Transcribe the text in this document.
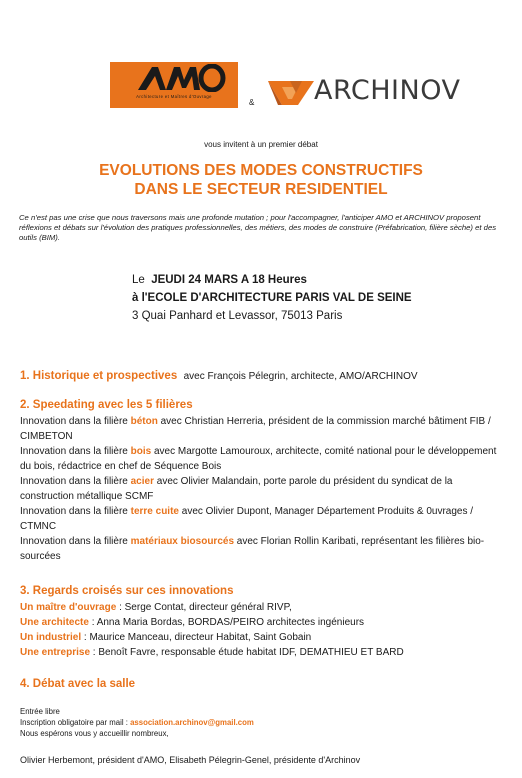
AMO
Architecture et Maîtres d'Ouvrage
& ARCHINOV
vous invitent à un premier débat
EVOLUTIONS DES MODES CONSTRUCTIFS
DANS LE SECTEUR RESIDENTIEL
Ce n'est pas une crise que nous traversons mais une profonde mutation ; pour l'accompagner, l'anticiper AMO et ARCHINOV proposent réflexions et débats sur l'évolution des pratiques professionnelles, des métiers, des modes de construire (Préfabrication, filière sèche) et des outils (BIM).
Le JEUDI 24 MARS A 18 Heures
à l'ECOLE D'ARCHITECTURE PARIS VAL DE SEINE
3 Quai Panhard et Levassor, 75013 Paris
1. Historique et prospectives avec François Pélegrin, architecte, AMO/ARCHINOV
2. Speedating avec les 5 filières
Innovation dans la filière béton avec Christian Herreria, président de la commission marché bâtiment FIB / CIMBETON
Innovation dans la filière bois avec Margotte Lamouroux, architecte, comité national pour le développement du bois, rédactrice en chef de Séquence Bois
Innovation dans la filière acier avec Olivier Malandain, porte parole du président du syndicat de la construction métallique SCMF
Innovation dans la filière terre cuite avec Olivier Dupont, Manager Département Produits & 0uvrages / CTMNC
Innovation dans la filière matériaux biosourcés avec Florian Rollin Karibati, représentant les filières bio-sourcées
3. Regards croisés sur ces innovations
Un maître d'ouvrage : Serge Contat, directeur général RIVP,
Une architecte : Anna Maria Bordas, BORDAS/PEIRO architectes ingénieurs
Un industriel : Maurice Manceau, directeur Habitat, Saint Gobain
Une entreprise : Benoît Favre, responsable étude habitat IDF, DEMATHIEU ET BARD
4. Débat avec la salle
Entrée libre
Inscription obligatoire par mail : association.archinov@gmail.com
Nous espérons vous y accueillir nombreux,
Olivier Herbemont, président d'AMO, Elisabeth Pélegrin-Genel, présidente d'Archinov
